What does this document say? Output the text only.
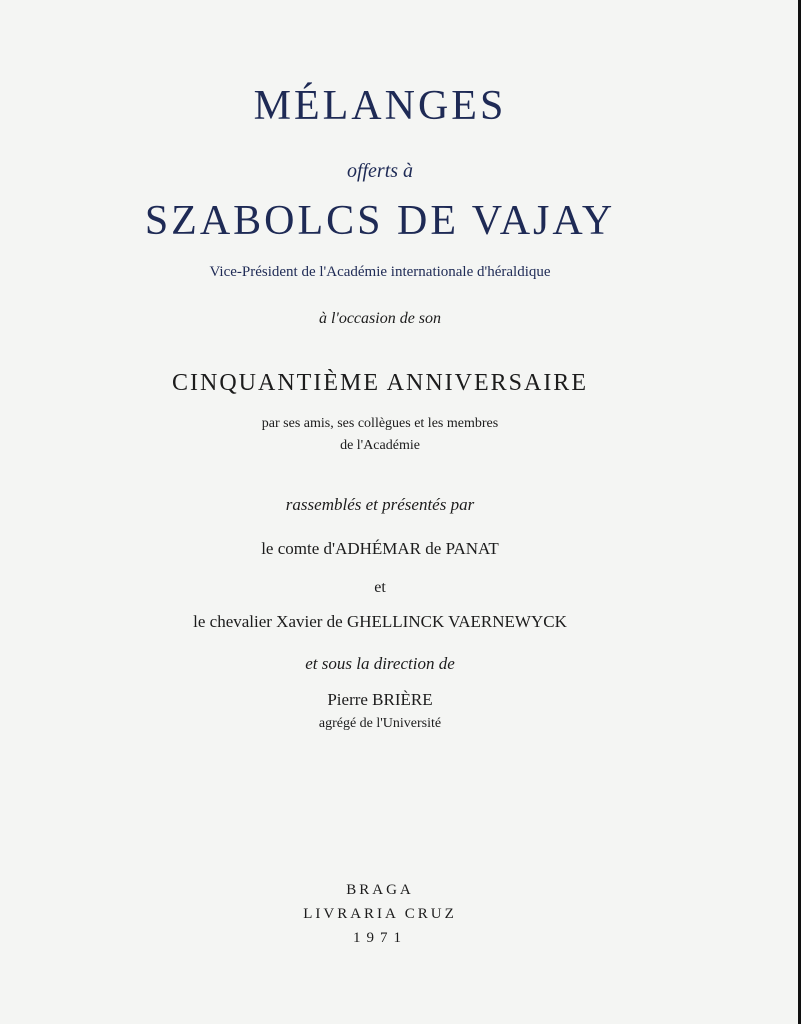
MÉLANGES
offerts à
SZABOLCS DE VAJAY
Vice-Président de l'Académie internationale d'héraldique
à l'occasion de son
CINQUANTIÈME ANNIVERSAIRE
par ses amis, ses collègues et les membres
de l'Académie
rassemblés et présentés par
le comte d'ADHÉMAR de PANAT
et
le chevalier Xavier de GHELLINCK VAERNEWYCK
et sous la direction de
Pierre BRIÈRE
agrégé de l'Université
BRAGA
LIVRARIA CRUZ
1971
